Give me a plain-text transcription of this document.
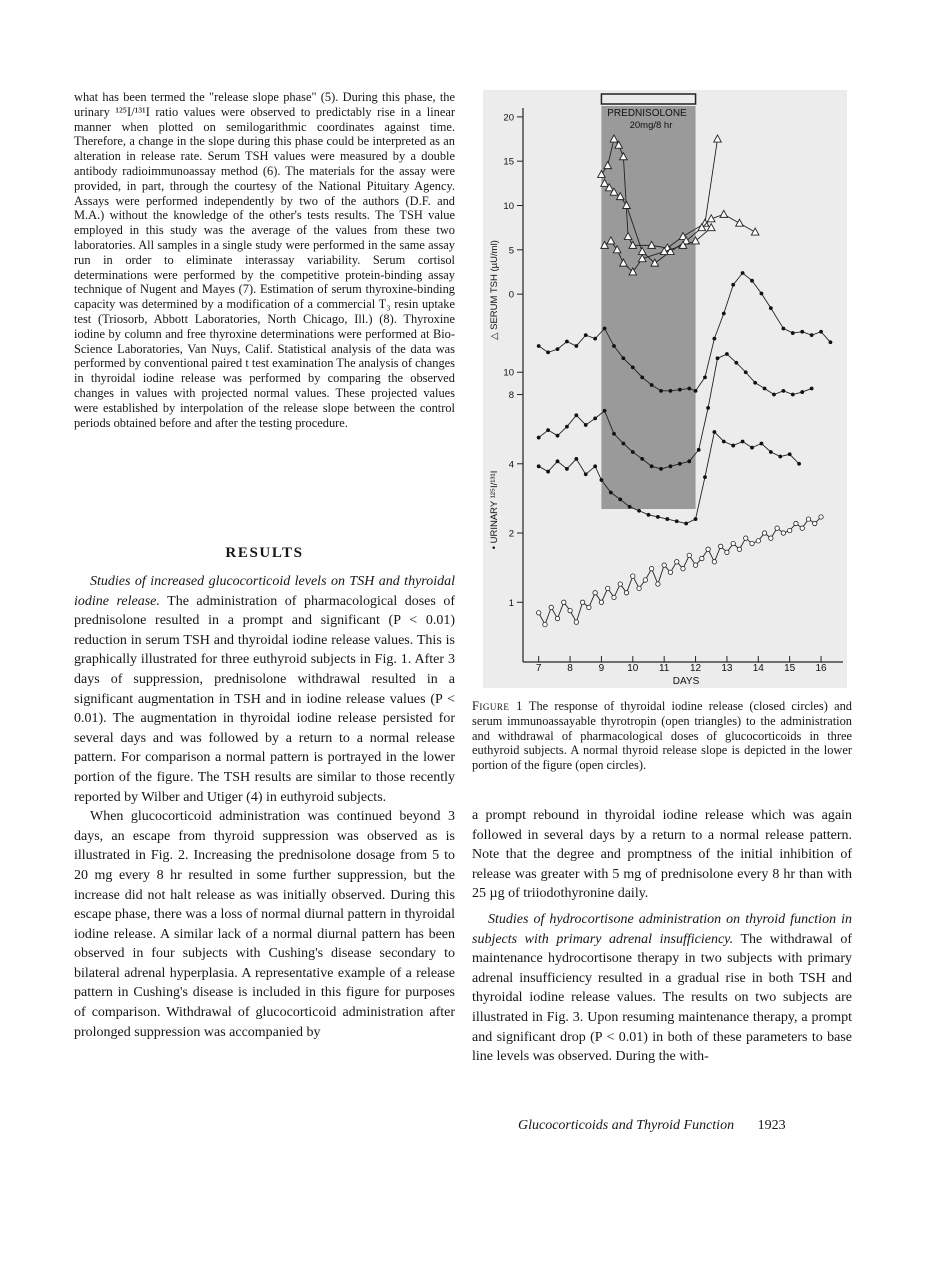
what has been termed the "release slope phase" (5). During this phase, the urinary ¹²⁵I/¹³¹I ratio values were observed to predictably rise in a linear manner when plotted on semilogarithmic coordinates against time. Therefore, a change in the slope during this phase could be interpreted as an alteration in release rate. Serum TSH values were measured by a double antibody radioimmunoassay method (6). The materials for the assay were provided, in part, through the courtesy of the National Pituitary Agency. Assays were performed independently by two of the authors (D.F. and M.A.) without the knowledge of the other's tests results. The TSH value employed in this study was the average of the values from these two laboratories. All samples in a single study were performed in the same assay run in order to eliminate interassay variability. Serum cortisol determinations were performed by the competitive protein-binding assay technique of Nugent and Mayes (7). Estimation of serum thyroxine-binding capacity was determined by a modification of a commercial T₃ resin uptake test (Triosorb, Abbott Laboratories, North Chicago, Ill.) (8). Thyroxine iodine by column and free thyroxine determinations were performed at Bio-Science Laboratories, Van Nuys, Calif. Statistical analysis of the data was performed by conventional paired t test examination The analysis of changes in thyroidal iodine release was performed by comparing the observed changes in values with projected normal values. These projected values were established by interpolation of the release slope between the control periods obtained before and after the testing procedure.

RESULTS

Studies of increased glucocorticoid levels on TSH and thyroidal iodine release. The administration of pharmacological doses of prednisolone resulted in a prompt and significant (P < 0.01) reduction in serum TSH and thyroidal iodine release values. This is graphically illustrated for three euthyroid subjects in Fig. 1. After 3 days of suppression, prednisolone withdrawal resulted in a significant augmentation in TSH and in iodine release values (P < 0.01). The augmentation in thyroidal iodine release persisted for several days and was followed by a return to a normal release pattern. For comparison a normal pattern is portrayed in the lower portion of the figure. The TSH results are similar to those recently reported by Wilber and Utiger (4) in euthyroid subjects.

When glucocorticoid administration was continued beyond 3 days, an escape from thyroid suppression was observed as is illustrated in Fig. 2. Increasing the prednisolone dosage from 5 to 20 mg every 8 hr resulted in some further suppression, but the increase did not halt release as was initially observed. During this escape phase, there was a loss of normal diurnal pattern in thyroidal iodine release. A similar lack of a normal diurnal pattern has been observed in four subjects with Cushing's disease secondary to bilateral adrenal hyperplasia. A representative example of a release pattern in Cushing's disease is included in this figure for purposes of comparison. Withdrawal of glucocorticoid administration after prolonged suppression was accompanied by

PREDNISOLONE
20mg/8 hr
0
5
10
15
20
1
2
4
8
10
7	8	9 10 11 12 13 14 15 16
△ SERUM TSH (µU/ml)
• URINARY ¹²⁵I/¹³¹I
DAYS

Figure 1 The response of thyroidal iodine release (closed circles) and serum immunoassayable thyrotropin (open triangles) to the administration and withdrawal of pharmacological doses of glucocorticoids in three euthyroid subjects. A normal thyroid release slope is depicted in the lower portion of the figure (open circles).

a prompt rebound in thyroidal iodine release which was again followed in several days by a return to a normal release pattern. Note that the degree and promptness of the initial inhibition of release was greater with 5 mg of prednisolone every 8 hr than with 25 µg of triiodothyronine daily.

Studies of hydrocortisone administration on thyroid function in subjects with primary adrenal insufficiency. The withdrawal of maintenance hydrocortisone therapy in two subjects with primary adrenal insufficiency resulted in a gradual rise in both TSH and thyroidal iodine release values. The results on two subjects are illustrated in Fig. 3. Upon resuming maintenance therapy, a prompt and significant drop (P < 0.01) in both of these parameters to base line levels was observed. During the with-

Glucocorticoids and Thyroid Function 1923
